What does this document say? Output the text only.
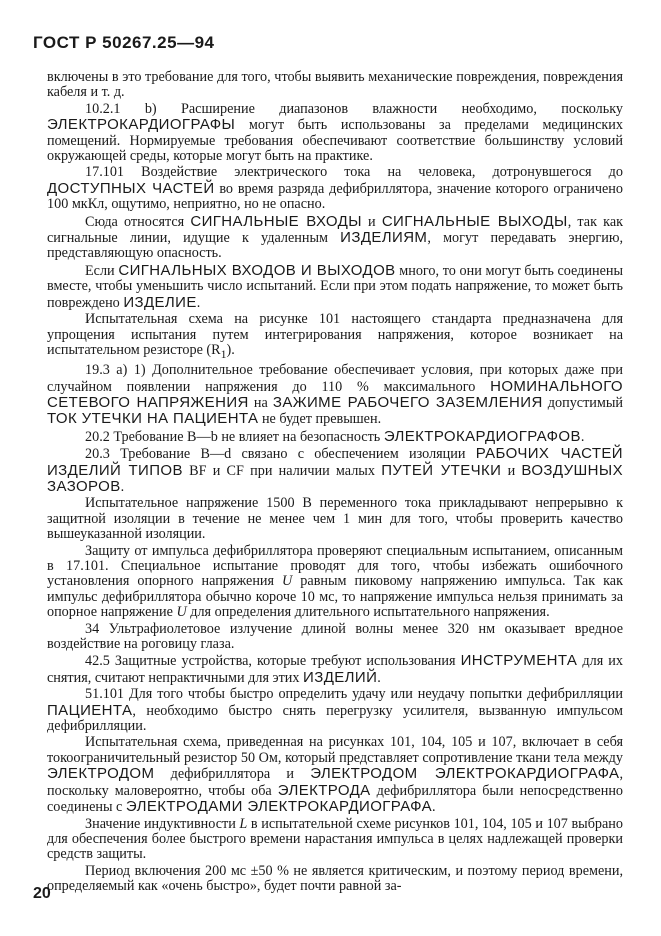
ГОСТ Р 50267.25—94

включены в это требование для того, чтобы выявить механические повреждения, повреждения кабеля и т. д.

10.2.1 b) Расширение диапазонов влажности необходимо, поскольку ЭЛЕКТРОКАРДИОГРАФЫ могут быть использованы за пределами медицинских помещений. Нормируемые требования обеспечивают соответствие большинству условий окружающей среды, которые могут быть на практике.

17.101 Воздействие электрического тока на человека, дотронувшегося до ДОСТУПНЫХ ЧАСТЕЙ во время разряда дефибриллятора, значение которого ограничено 100 мкКл, ощутимо, неприятно, но не опасно.

Сюда относятся СИГНАЛЬНЫЕ ВХОДЫ и СИГНАЛЬНЫЕ ВЫХОДЫ, так как сигнальные линии, идущие к удаленным ИЗДЕЛИЯМ, могут передавать энергию, представляющую опасность.

Если СИГНАЛЬНЫХ ВХОДОВ И ВЫХОДОВ много, то они могут быть соединены вместе, чтобы уменьшить число испытаний. Если при этом подать напряжение, то может быть повреждено ИЗДЕЛИЕ.

Испытательная схема на рисунке 101 настоящего стандарта предназначена для упрощения испытания путем интегрирования напряжения, которое возникает на испытательном резисторе $(R_1)$.

19.3 a) 1) Дополнительное требование обеспечивает условия, при которых даже при случайном появлении напряжения до 110 % максимального НОМИНАЛЬНОГО СЕТЕВОГО НАПРЯЖЕНИЯ на ЗАЖИМЕ РАБОЧЕГО ЗАЗЕМЛЕНИЯ допустимый ТОК УТЕЧКИ НА ПАЦИЕНТА не будет превышен.

20.2 Требование B—b не влияет на безопасность ЭЛЕКТРОКАРДИОГРАФОВ.

20.3 Требование B—d связано с обеспечением изоляции РАБОЧИХ ЧАСТЕЙ ИЗДЕЛИЙ ТИПОВ BF и CF при наличии малых ПУТЕЙ УТЕЧКИ и ВОЗДУШНЫХ ЗАЗОРОВ.

Испытательное напряжение 1500 В переменного тока прикладывают непрерывно к защитной изоляции в течение не менее чем 1 мин для того, чтобы проверить качество вышеуказанной изоляции.

Защиту от импульса дефибриллятора проверяют специальным испытанием, описанным в 17.101. Специальное испытание проводят для того, чтобы избежать ошибочного установления опорного напряжения U равным пиковому напряжению импульса. Так как импульс дефибриллятора обычно короче 10 мс, то напряжение импульса нельзя принимать за опорное напряжение U для определения длительного испытательного напряжения.

34 Ультрафиолетовое излучение длиной волны менее 320 нм оказывает вредное воздействие на роговицу глаза.

42.5 Защитные устройства, которые требуют использования ИНСТРУМЕНТА для их снятия, считают непрактичными для этих ИЗДЕЛИЙ.

51.101 Для того чтобы быстро определить удачу или неудачу попытки дефибрилляции ПАЦИЕНТА, необходимо быстро снять перегрузку усилителя, вызванную импульсом дефибрилляции.

Испытательная схема, приведенная на рисунках 101, 104, 105 и 107, включает в себя токоограничительный резистор 50 Ом, который представляет сопротивление ткани тела между ЭЛЕКТРОДОМ дефибриллятора и ЭЛЕКТРОДОМ ЭЛЕКТРОКАРДИОГРАФА, поскольку маловероятно, чтобы оба ЭЛЕКТРОДА дефибриллятора были непосредственно соединены с ЭЛЕКТРОДАМИ ЭЛЕКТРОКАРДИОГРАФА.

Значение индуктивности L в испытательной схеме рисунков 101, 104, 105 и 107 выбрано для обеспечения более быстрого времени нарастания импульса в целях надлежащей проверки средств защиты.

Период включения 200 мс ±50 % не является критическим, и поэтому период времени, определяемый как «очень быстро», будет почти равной за-

20
